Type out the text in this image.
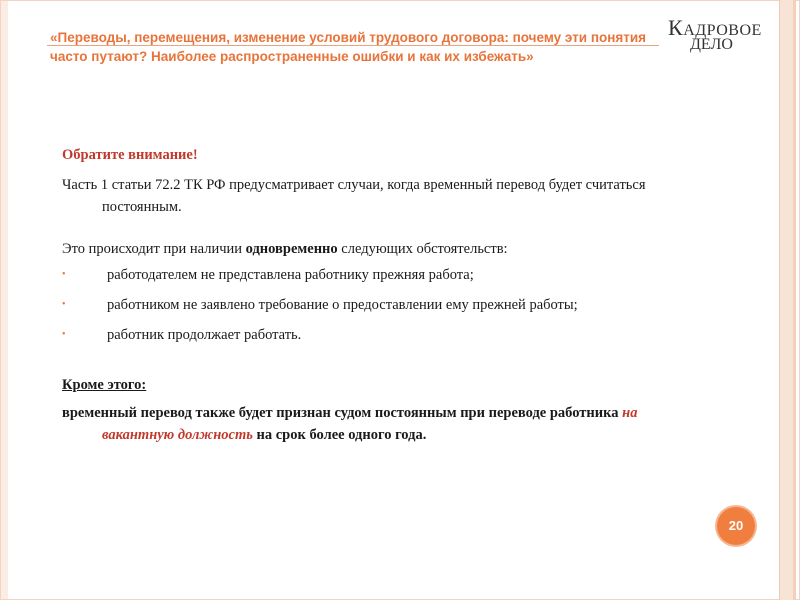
«Переводы, перемещения, изменение условий трудового договора: почему эти понятия часто путают? Наиболее распространенные ошибки и как их избежать»

КАДРОВОЕ
ДЕЛО

Обратите внимание!

Часть 1 статьи 72.2 ТК РФ предусматривает случаи, когда временный перевод будет считаться постоянным.

Это происходит при наличии одновременно следующих обстоятельств:

•	работодателем не представлена работнику прежняя работа;
•	работником не заявлено требование о предоставлении ему прежней работы;
•	работник продолжает работать.

Кроме этого:

временный перевод также будет признан судом постоянным при переводе работника на вакантную должность на срок более одного года.

20
